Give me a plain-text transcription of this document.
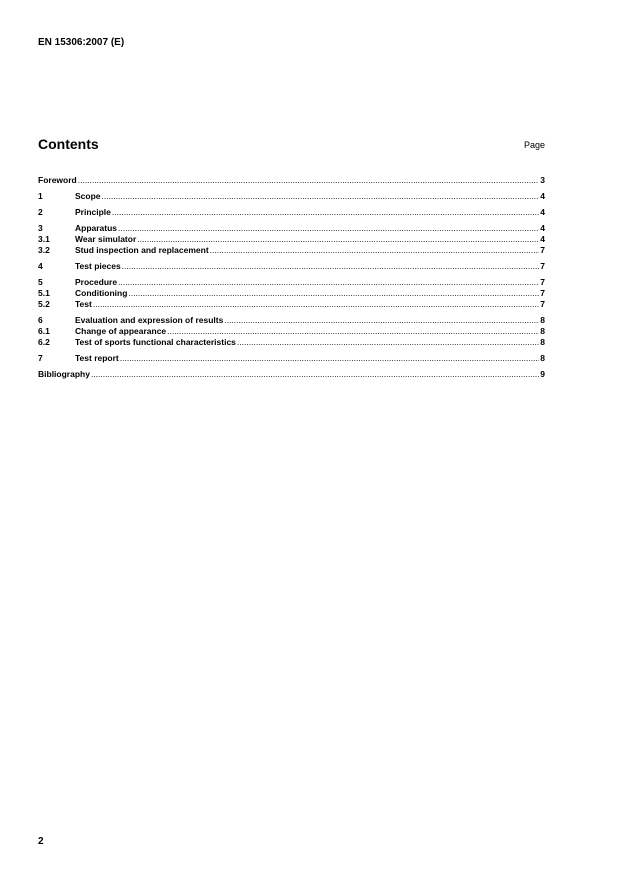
EN 15306:2007 (E)
Contents	Page
Foreword .....	3
1	Scope .....	4
2	Principle .....	4
3	Apparatus .....	4
3.1	Wear simulator .....	4
3.2	Stud inspection and replacement .....	7
4	Test pieces .....	7
5	Procedure .....	7
5.1	Conditioning .....	7
5.2	Test .....	7
6	Evaluation and expression of results .....	8
6.1	Change of appearance .....	8
6.2	Test of sports functional characteristics .....	8
7	Test report .....	8
Bibliography .....	9
2
